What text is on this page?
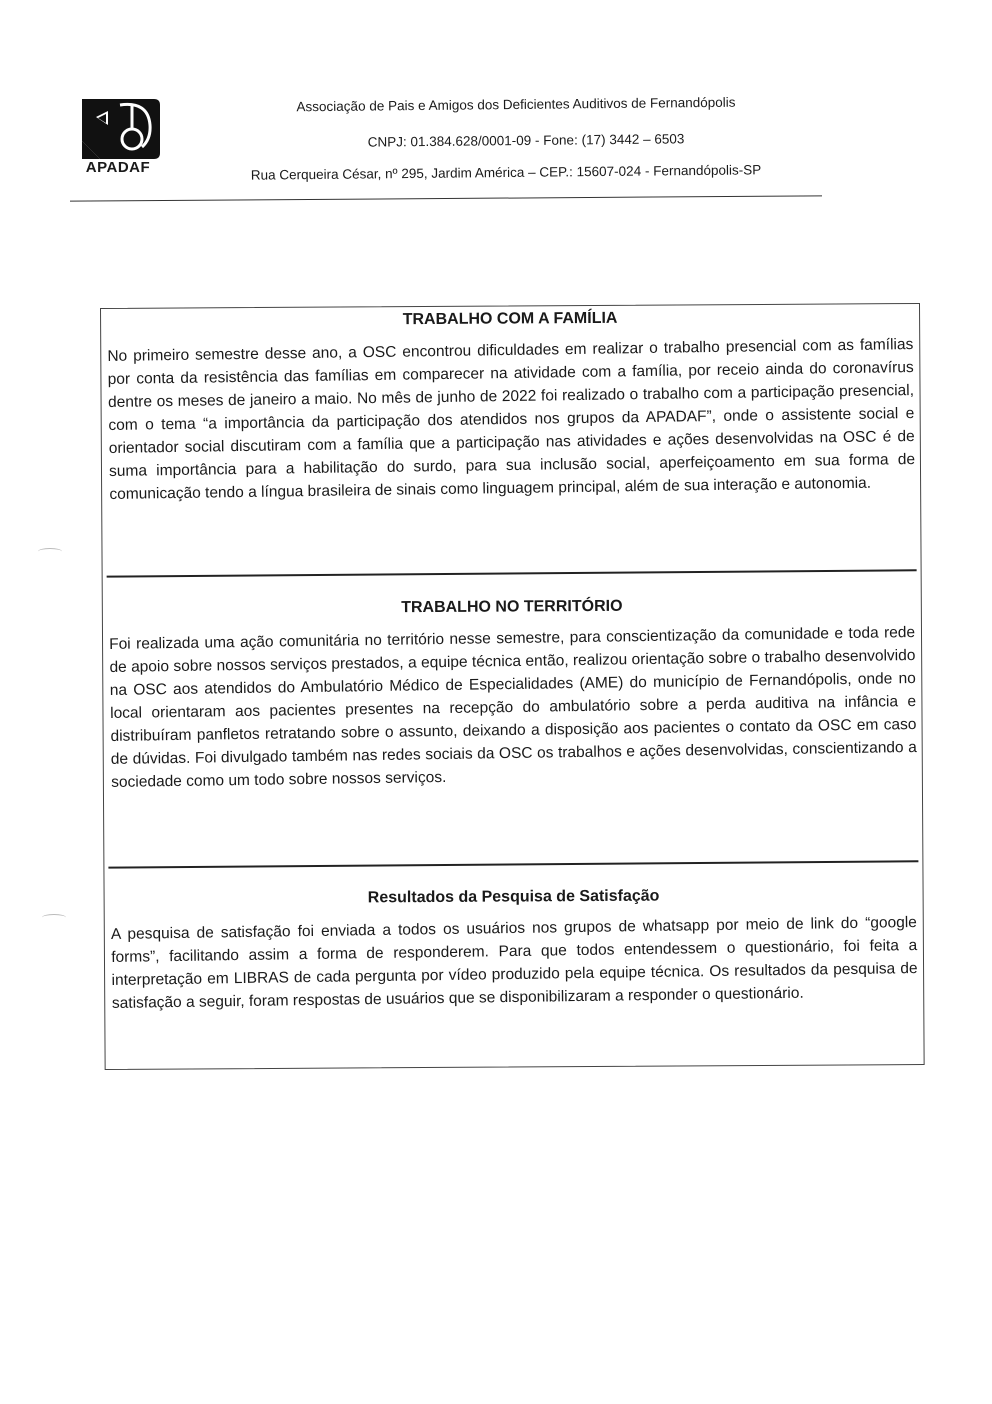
APADAF
Associação de Pais e Amigos dos Deficientes Auditivos de Fernandópolis
CNPJ: 01.384.628/0001-09 - Fone: (17) 3442 – 6503
Rua Cerqueira César, nº 295, Jardim América – CEP.: 15607-024 - Fernandópolis-SP
TRABALHO COM A FAMÍLIA

No primeiro semestre desse ano, a OSC encontrou dificuldades em realizar o trabalho presencial com as famílias por conta da resistência das famílias em comparecer na atividade com a família, por receio ainda do coronavírus dentre os meses de janeiro a maio. No mês de junho de 2022 foi realizado o trabalho com a participação presencial, com o tema “a importância da participação dos atendidos nos grupos da APADAF”, onde o assistente social e orientador social discutiram com a família que a participação nas atividades e ações desenvolvidas na OSC é de suma importância para a habilitação do surdo, para sua inclusão social, aperfeiçoamento em sua forma de comunicação tendo a língua brasileira de sinais como linguagem principal, além de sua interação e autonomia.

TRABALHO NO TERRITÓRIO

Foi realizada uma ação comunitária no território nesse semestre, para conscientização da comunidade e toda rede de apoio sobre nossos serviços prestados, a equipe técnica então, realizou orientação sobre o trabalho desenvolvido na OSC aos atendidos do Ambulatório Médico de Especialidades (AME) do município de Fernandópolis, onde no local orientaram aos pacientes presentes na recepção do ambulatório sobre a perda auditiva na infância e distribuíram panfletos retratando sobre o assunto, deixando a disposição aos pacientes o contato da OSC em caso de dúvidas. Foi divulgado também nas redes sociais da OSC os trabalhos e ações desenvolvidas, conscientizando a sociedade como um todo sobre nossos serviços.

Resultados da Pesquisa de Satisfação

A pesquisa de satisfação foi enviada a todos os usuários nos grupos de whatsapp por meio de link do “google forms”, facilitando assim a forma de responderem. Para que todos entendessem o questionário, foi feita a interpretação em LIBRAS de cada pergunta por vídeo produzido pela equipe técnica. Os resultados da pesquisa de satisfação a seguir, foram respostas de usuários que se disponibilizaram a responder o questionário.
